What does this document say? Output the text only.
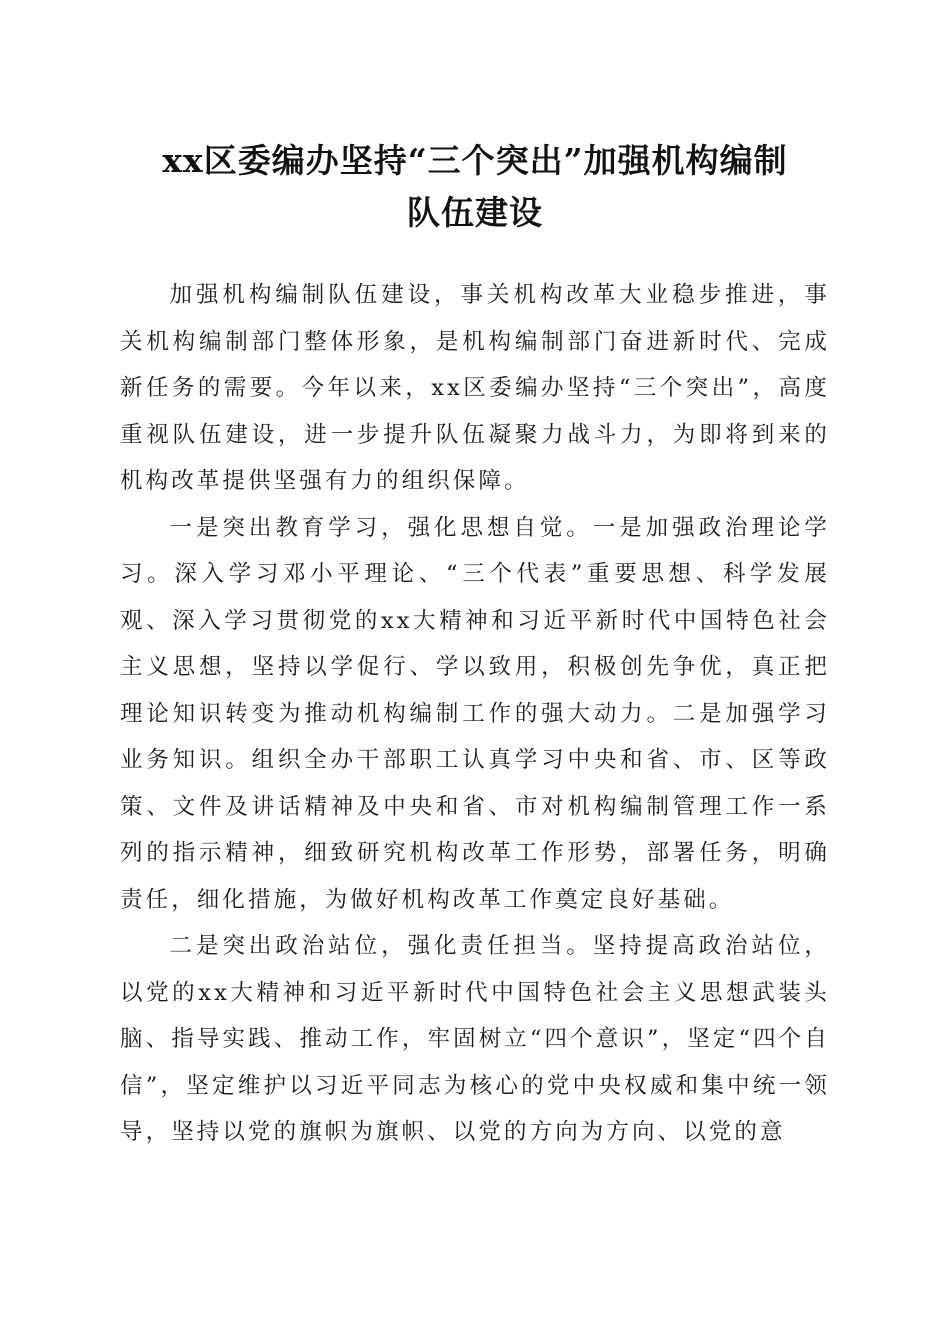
xx区委编办坚持“三个突出”加强机构编制
队伍建设

加强机构编制队伍建设，事关机构改革大业稳步推进，事关机构编制部门整体形象，是机构编制部门奋进新时代、完成新任务的需要。今年以来，xx区委编办坚持“三个突出”，高度重视队伍建设，进一步提升队伍凝聚力战斗力，为即将到来的机构改革提供坚强有力的组织保障。

一是突出教育学习，强化思想自觉。一是加强政治理论学习。深入学习邓小平理论、“三个代表”重要思想、科学发展观、深入学习贯彻党的xx大精神和习近平新时代中国特色社会主义思想，坚持以学促行、学以致用，积极创先争优，真正把理论知识转变为推动机构编制工作的强大动力。二是加强学习业务知识。组织全办干部职工认真学习中央和省、市、区等政策、文件及讲话精神及中央和省、市对机构编制管理工作一系列的指示精神，细致研究机构改革工作形势，部署任务，明确责任，细化措施，为做好机构改革工作奠定良好基础。

二是突出政治站位，强化责任担当。坚持提高政治站位，以党的xx大精神和习近平新时代中国特色社会主义思想武装头脑、指导实践、推动工作，牢固树立“四个意识”，坚定“四个自信”，坚定维护以习近平同志为核心的党中央权威和集中统一领导，坚持以党的旗帜为旗帜、以党的方向为方向、以党的意
